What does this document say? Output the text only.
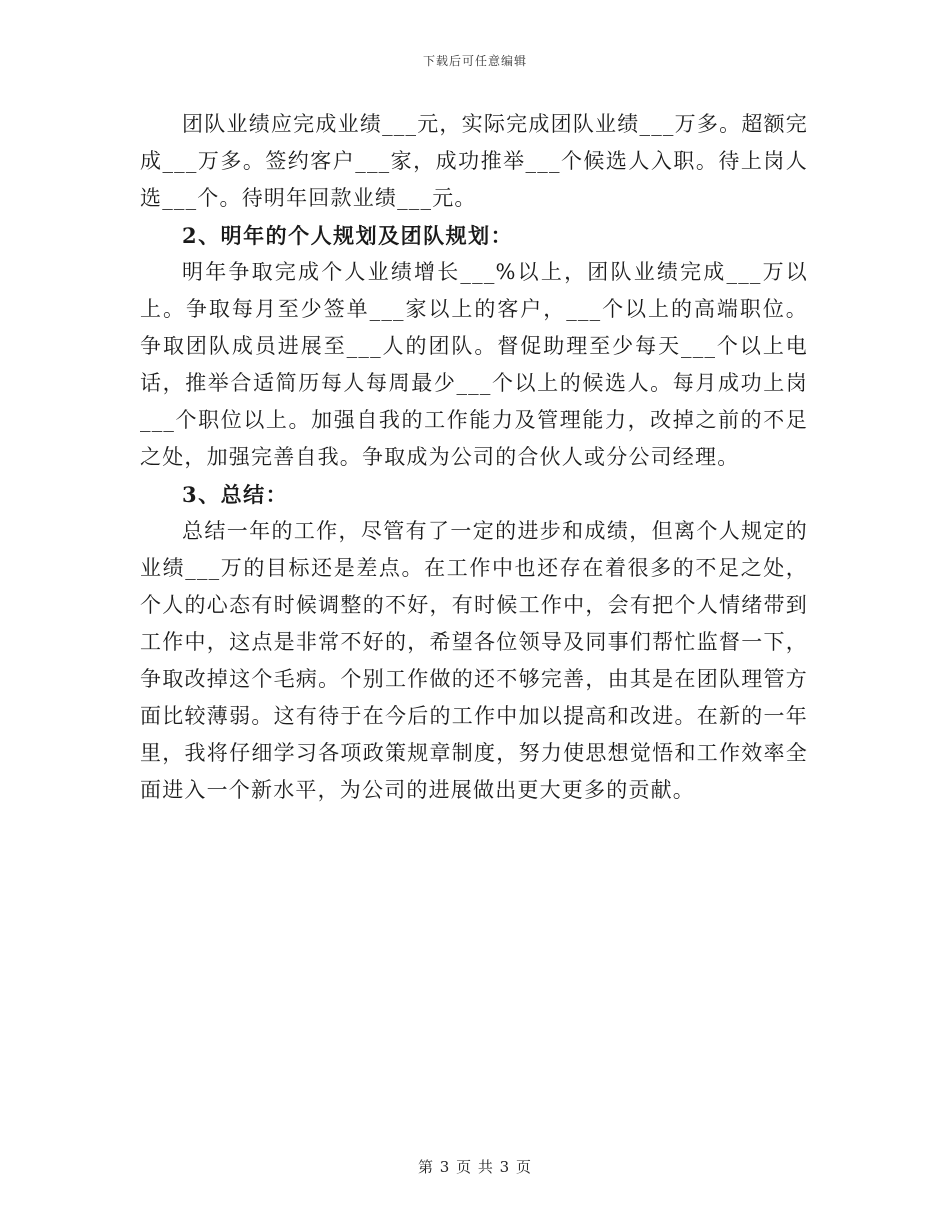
下载后可任意编辑

团队业绩应完成业绩___元，实际完成团队业绩___万多。超额完成___万多。签约客户___家，成功推举___个候选人入职。待上岗人选___个。待明年回款业绩___元。

2、明年的个人规划及团队规划：

明年争取完成个人业绩增长___%以上，团队业绩完成___万以上。争取每月至少签单___家以上的客户，___个以上的高端职位。争取团队成员进展至___人的团队。督促助理至少每天___个以上电话，推举合适简历每人每周最少___个以上的候选人。每月成功上岗___个职位以上。加强自我的工作能力及管理能力，改掉之前的不足之处，加强完善自我。争取成为公司的合伙人或分公司经理。

3、总结：

总结一年的工作，尽管有了一定的进步和成绩，但离个人规定的业绩___万的目标还是差点。在工作中也还存在着很多的不足之处，个人的心态有时候调整的不好，有时候工作中，会有把个人情绪带到工作中，这点是非常不好的，希望各位领导及同事们帮忙监督一下，争取改掉这个毛病。个别工作做的还不够完善，由其是在团队理管方面比较薄弱。这有待于在今后的工作中加以提高和改进。在新的一年里，我将仔细学习各项政策规章制度，努力使思想觉悟和工作效率全面进入一个新水平，为公司的进展做出更大更多的贡献。

第 3 页 共 3 页
